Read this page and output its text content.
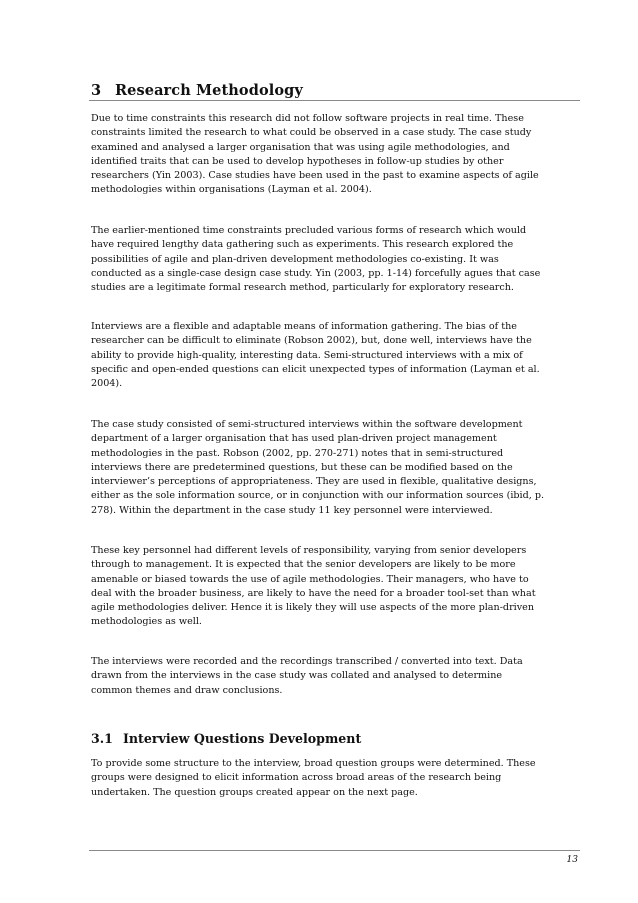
3 Research Methodology
Due to time constraints this research did not follow software projects in real time. These
constraints limited the research to what could be observed in a case study. The case study
examined and analysed a larger organisation that was using agile methodologies, and
identified traits that can be used to develop hypotheses in follow-up studies by other
researchers (Yin 2003). Case studies have been used in the past to examine aspects of agile
methodologies within organisations (Layman et al. 2004).
The earlier-mentioned time constraints precluded various forms of research which would
have required lengthy data gathering such as experiments. This research explored the
possibilities of agile and plan-driven development methodologies co-existing. It was
conducted as a single-case design case study. Yin (2003, pp. 1-14) forcefully agues that case
studies are a legitimate formal research method, particularly for exploratory research.
Interviews are a flexible and adaptable means of information gathering. The bias of the
researcher can be difficult to eliminate (Robson 2002), but, done well, interviews have the
ability to provide high-quality, interesting data. Semi-structured interviews with a mix of
specific and open-ended questions can elicit unexpected types of information (Layman et al.
2004).
The case study consisted of semi-structured interviews within the software development
department of a larger organisation that has used plan-driven project management
methodologies in the past. Robson (2002, pp. 270-271) notes that in semi-structured
interviews there are predetermined questions, but these can be modified based on the
interviewer’s perceptions of appropriateness. They are used in flexible, qualitative designs,
either as the sole information source, or in conjunction with our information sources (ibid, p.
278). Within the department in the case study 11 key personnel were interviewed.
These key personnel had different levels of responsibility, varying from senior developers
through to management. It is expected that the senior developers are likely to be more
amenable or biased towards the use of agile methodologies. Their managers, who have to
deal with the broader business, are likely to have the need for a broader tool-set than what
agile methodologies deliver. Hence it is likely they will use aspects of the more plan-driven
methodologies as well.
The interviews were recorded and the recordings transcribed / converted into text. Data
drawn from the interviews in the case study was collated and analysed to determine
common themes and draw conclusions.
3.1 Interview Questions Development
To provide some structure to the interview, broad question groups were determined. These
groups were designed to elicit information across broad areas of the research being
undertaken. The question groups created appear on the next page.
13
